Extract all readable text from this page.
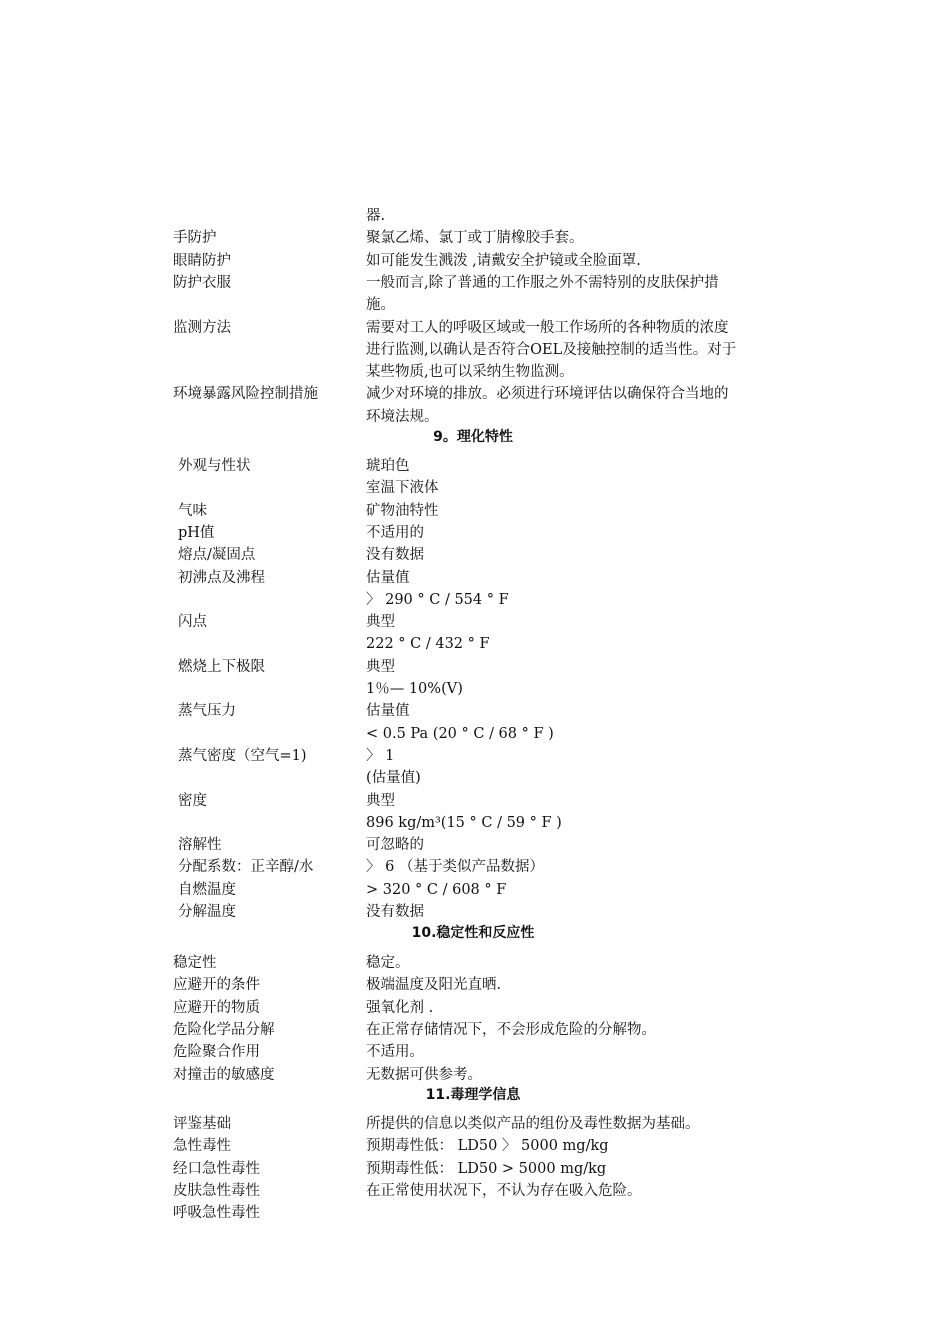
器.
手防护	聚氯乙烯、氯丁或丁腈橡胶手套。
眼睛防护	如可能发生溅泼 ,请戴安全护镜或全脸面罩.
防护衣服	一般而言,除了普通的工作服之外不需特别的皮肤保护措
施。
监测方法	需要对工人的呼吸区域或一般工作场所的各种物质的浓度
进行监测,以确认是否符合OEL及接触控制的适当性。对于
某些物质,也可以采纳生物监测。
环境暴露风险控制措施	减少对环境的排放。必须进行环境评估以确保符合当地的
环境法规。
9。理化特性
外观与性状	琥珀色
室温下液体
气味	矿物油特性
pH值	不适用的
熔点/凝固点	没有数据
初沸点及沸程	估量值
〉 290 ° C / 554 ° F
闪点	典型
222 ° C / 432 ° F
燃烧上下极限	典型
1％— 10%(V)
蒸气压力	估量值
< 0.5 Pa (20 ° C / 68 ° F )
蒸气密度（空气=1)	〉 1
(估量值)
密度	典型
896 kg/m³(15 ° C / 59 ° F )
溶解性	可忽略的
分配系数：正辛醇/水	〉 6 （基于类似产品数据）
自燃温度	> 320 ° C / 608 ° F
分解温度	没有数据
10.稳定性和反应性
稳定性	稳定。
应避开的条件	极端温度及阳光直晒.
应避开的物质	强氧化剂 .
危险化学品分解	在正常存储情况下，不会形成危险的分解物。
危险聚合作用	不适用。
对撞击的敏感度	无数据可供参考。
11.毒理学信息
评鉴基础	所提供的信息以类似产品的组份及毒性数据为基础。
急性毒性	预期毒性低： LD50 〉 5000 mg/kg
经口急性毒性	预期毒性低： LD50 > 5000 mg/kg
皮肤急性毒性	在正常使用状况下，不认为存在吸入危险。
呼吸急性毒性
